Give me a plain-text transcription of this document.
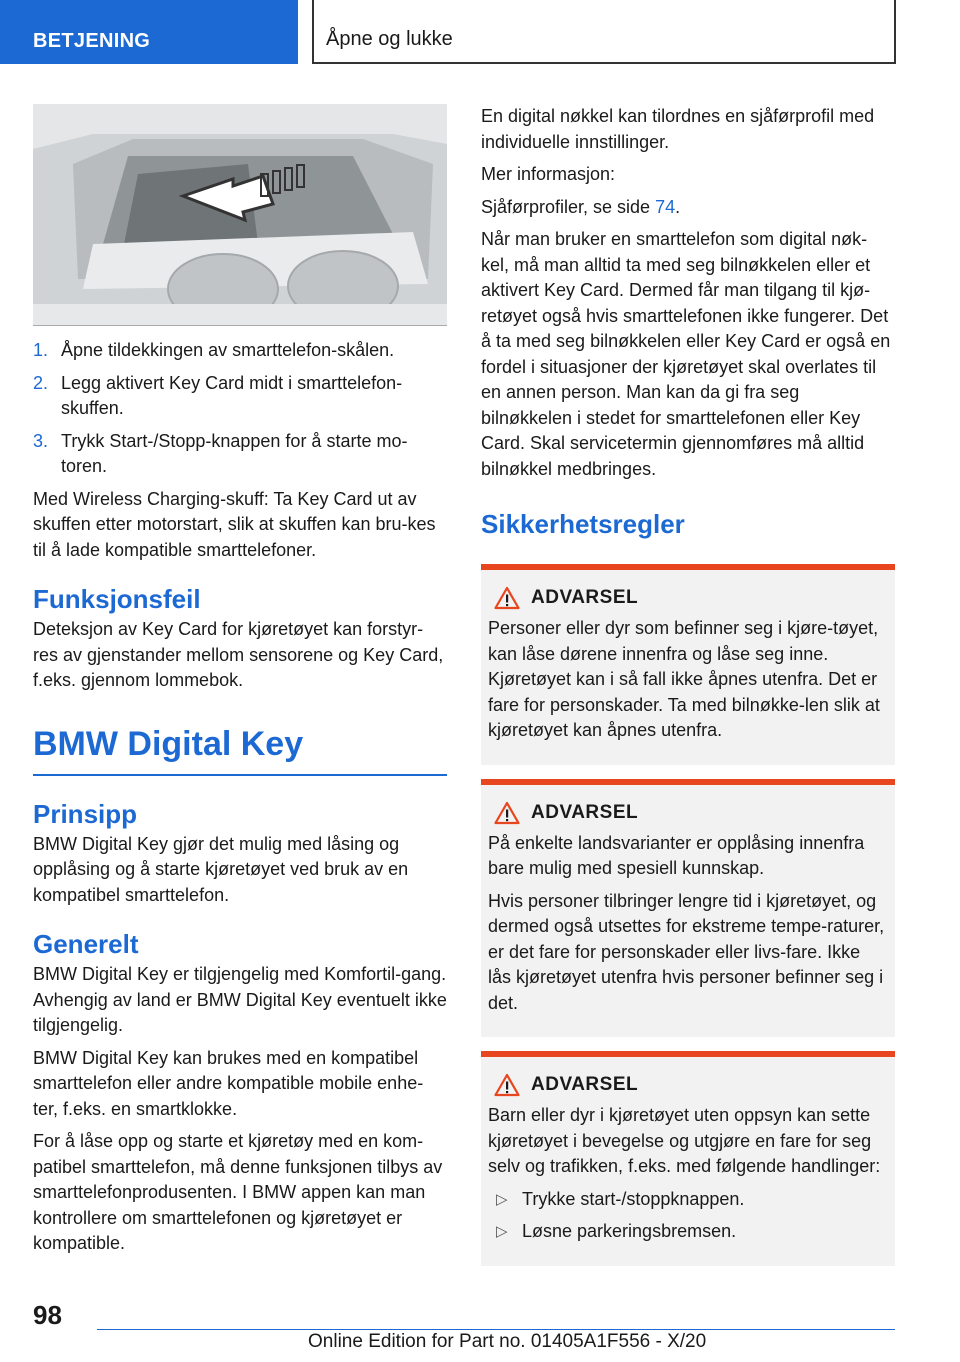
BETJENING	Åpne og lukke
1. Åpne tildekkingen av smarttelefon-skålen.
2. Legg aktivert Key Card midt i smarttelefon-skuffen.
3. Trykk Start-/Stopp-knappen for å starte mo-toren.

Med Wireless Charging-skuff: Ta Key Card ut av skuffen etter motorstart, slik at skuffen kan bru-kes til å lade kompatible smarttelefoner.

Funksjonsfeil

Deteksjon av Key Card for kjøretøyet kan forstyr-res av gjenstander mellom sensorene og Key Card, f.eks. gjennom lommebok.

BMW Digital Key
Prinsipp

BMW Digital Key gjør det mulig med låsing og opplåsing og å starte kjøretøyet ved bruk av en kompatibel smarttelefon.

Generelt

BMW Digital Key er tilgjengelig med Komfortil-gang. Avhengig av land er BMW Digital Key eventuelt ikke tilgjengelig.

BMW Digital Key kan brukes med en kompatibel smarttelefon eller andre kompatible mobile enhe-ter, f.eks. en smartklokke.

For å låse opp og starte et kjøretøy med en kom-patibel smarttelefon, må denne funksjonen tilbys av smarttelefonprodusenten. I BMW appen kan man kontrollere om smarttelefonen og kjøretøyet er kompatible.

En digital nøkkel kan tilordnes en sjåførprofil med individuelle innstillinger.

Mer informasjon:

Sjåførprofiler, se side 74.

Når man bruker en smarttelefon som digital nøk-kel, må man alltid ta med seg bilnøkkelen eller et aktivert Key Card. Dermed får man tilgang til kjø-retøyet også hvis smarttelefonen ikke fungerer. Det å ta med seg bilnøkkelen eller Key Card er også en fordel i situasjoner der kjøretøyet skal overlates til en annen person. Man kan da gi fra seg bilnøkkelen i stedet for smarttelefonen eller Key Card. Skal servicetermin gjennomføres må alltid bilnøkkel medbringes.

Sikkerhetsregler
ADVARSEL

Personer eller dyr som befinner seg i kjøre-tøyet, kan låse dørene innenfra og låse seg inne. Kjøretøyet kan i så fall ikke åpnes utenfra. Det er fare for personskader. Ta med bilnøkke-len slik at kjøretøyet kan åpnes utenfra.

ADVARSEL

På enkelte landsvarianter er opplåsing innenfra bare mulig med spesiell kunnskap.

Hvis personer tilbringer lengre tid i kjøretøyet, og dermed også utsettes for ekstreme tempe-raturer, er det fare for personskader eller livs-fare. Ikke lås kjøretøyet utenfra hvis personer befinner seg i det.

ADVARSEL

Barn eller dyr i kjøretøyet uten oppsyn kan sette kjøretøyet i bevegelse og utgjøre en fare for seg selv og trafikken, f.eks. med følgende handlinger:

▷ Trykke start-/stoppknappen.
▷ Løsne parkeringsbremsen.
98
Online Edition for Part no. 01405A1F556 - X/20
